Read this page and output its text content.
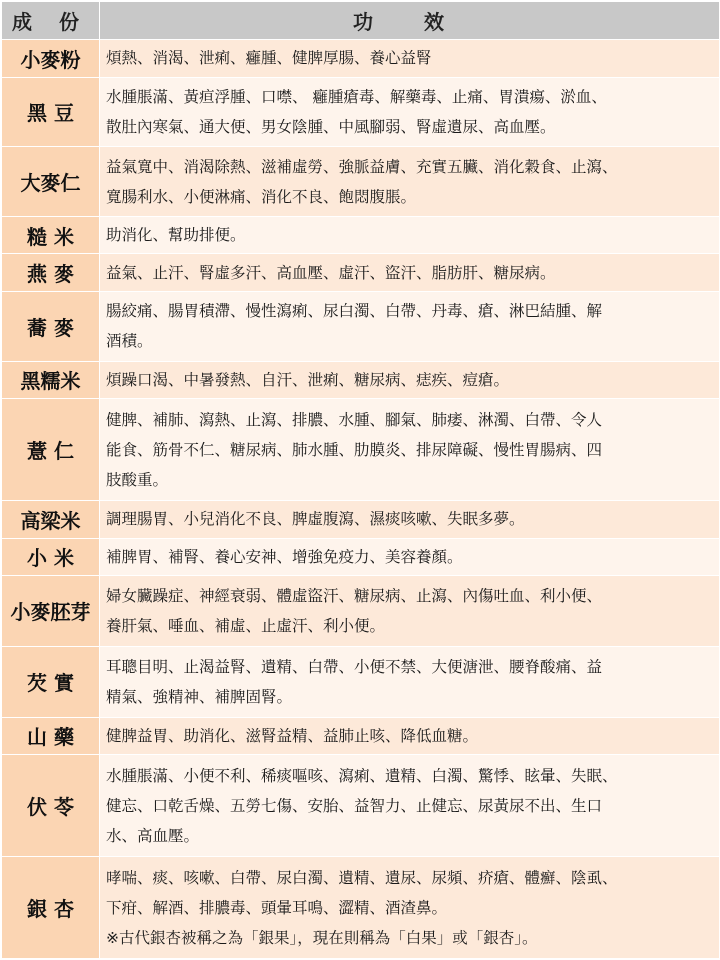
成 份	功 效
小麥粉	煩熱、消渴、泄痢、癰腫、健脾厚腸、養心益腎

黑 豆	水腫脹滿、黃疸浮腫、口噤、 癰腫瘡毒、解藥毒、止痛、胃潰瘍、淤血、
散肚內寒氣、通大便、男女陰腫、中風腳弱、腎虛遺尿、高血壓。

大麥仁	益氣寬中、消渴除熱、滋補虛勞、強脈益膚、充實五臟、消化穀食、止瀉、
寬腸利水、小便淋痛、消化不良、飽悶腹脹。

糙 米	助消化、幫助排便。

燕 麥	益氣、止汗、腎虛多汗、高血壓、虛汗、盜汗、脂肪肝、糖尿病。

蕎 麥	腸絞痛、腸胃積滯、慢性瀉痢、尿白濁、白帶、丹毒、瘡、淋巴結腫、解
酒積。

黑糯米	煩躁口渴、中暑發熱、自汗、泄痢、糖尿病、痣疾、痘瘡。

薏 仁	健脾、補肺、瀉熱、止瀉、排膿、水腫、腳氣、肺痿、淋濁、白帶、令人
能食、筋骨不仁、糖尿病、肺水腫、肋膜炎、排尿障礙、慢性胃腸病、四
肢酸重。

高梁米	調理腸胃、小兒消化不良、脾虛腹瀉、濕痰咳嗽、失眠多夢。

小 米	補脾胃、補腎、養心安神、增強免疫力、美容養顏。

小麥胚芽	婦女臟躁症、神經衰弱、體虛盜汗、糖尿病、止瀉、內傷吐血、利小便、
養肝氣、唾血、補虛、止虛汗、利小便。

芡 實	耳聰目明、止渴益腎、遺精、白帶、小便不禁、大便溏泄、腰脊酸痛、益
精氣、強精神、補脾固腎。

山 藥	健脾益胃、助消化、滋腎益精、益肺止咳、降低血糖。

伏 苓	水腫脹滿、小便不利、稀痰嘔咳、瀉痢、遺精、白濁、驚悸、眩暈、失眠、
健忘、口乾舌燥、五勞七傷、安胎、益智力、止健忘、尿黃尿不出、生口
水、高血壓。

銀 杏	哮喘、痰、咳嗽、白帶、尿白濁、遺精、遺尿、尿頻、疥瘡、體癬、陰虱、
下疳、解酒、排膿毒、頭暈耳鳴、澀精、酒渣鼻。
※古代銀杏被稱之為「銀果」，現在則稱為「白果」或「銀杏」。
